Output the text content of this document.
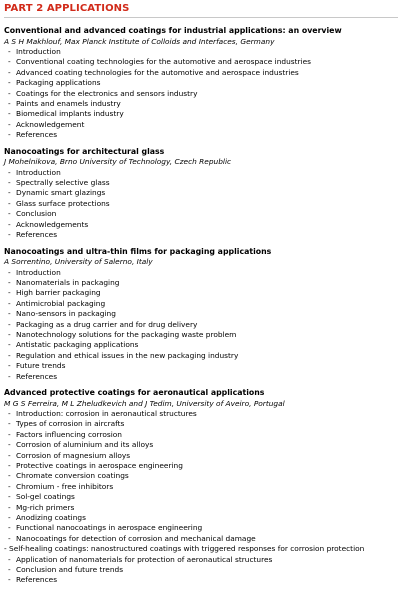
PART 2 APPLICATIONS
Conventional and advanced coatings for industrial applications: an overview
A S H Makhlouf, Max Planck Institute of Colloids and Interfaces, Germany
- Introduction
- Conventional coating technologies for the automotive and aerospace industries
- Advanced coating technologies for the automotive and aerospace industries
- Packaging applications
- Coatings for the electronics and sensors industry
- Paints and enamels industry
- Biomedical implants industry
- Acknowledgement
- References
Nanocoatings for architectural glass
J Mohelnikova, Brno University of Technology, Czech Republic
- Introduction
- Spectrally selective glass
- Dynamic smart glazings
- Glass surface protections
- Conclusion
- Acknowledgements
- References
Nanocoatings and ultra-thin films for packaging applications
A Sorrentino, University of Salerno, Italy
- Introduction
- Nanomaterials in packaging
- High barrier packaging
- Antimicrobial packaging
- Nano-sensors in packaging
- Packaging as a drug carrier and for drug delivery
- Nanotechnology solutions for the packaging waste problem
- Antistatic packaging applications
- Regulation and ethical issues in the new packaging industry
- Future trends
- References
Advanced protective coatings for aeronautical applications
M G S Ferreira, M L Zheludkevich and J Tedim, University of Aveiro, Portugal
- Introduction: corrosion in aeronautical structures
- Types of corrosion in aircrafts
- Factors influencing corrosion
- Corrosion of aluminium and its alloys
- Corrosion of magnesium alloys
- Protective coatings in aerospace engineering
- Chromate conversion coatings
- Chromium - free inhibitors
- Sol-gel coatings
- Mg-rich primers
- Anodizing coatings
- Functional nanocoatings in aerospace engineering
- Nanocoatings for detection of corrosion and mechanical damage
- Self-healing coatings: nanostructured coatings with triggered responses for corrosion protection
- Application of nanomaterials for protection of aeronautical structures
- Conclusion and future trends
- References
